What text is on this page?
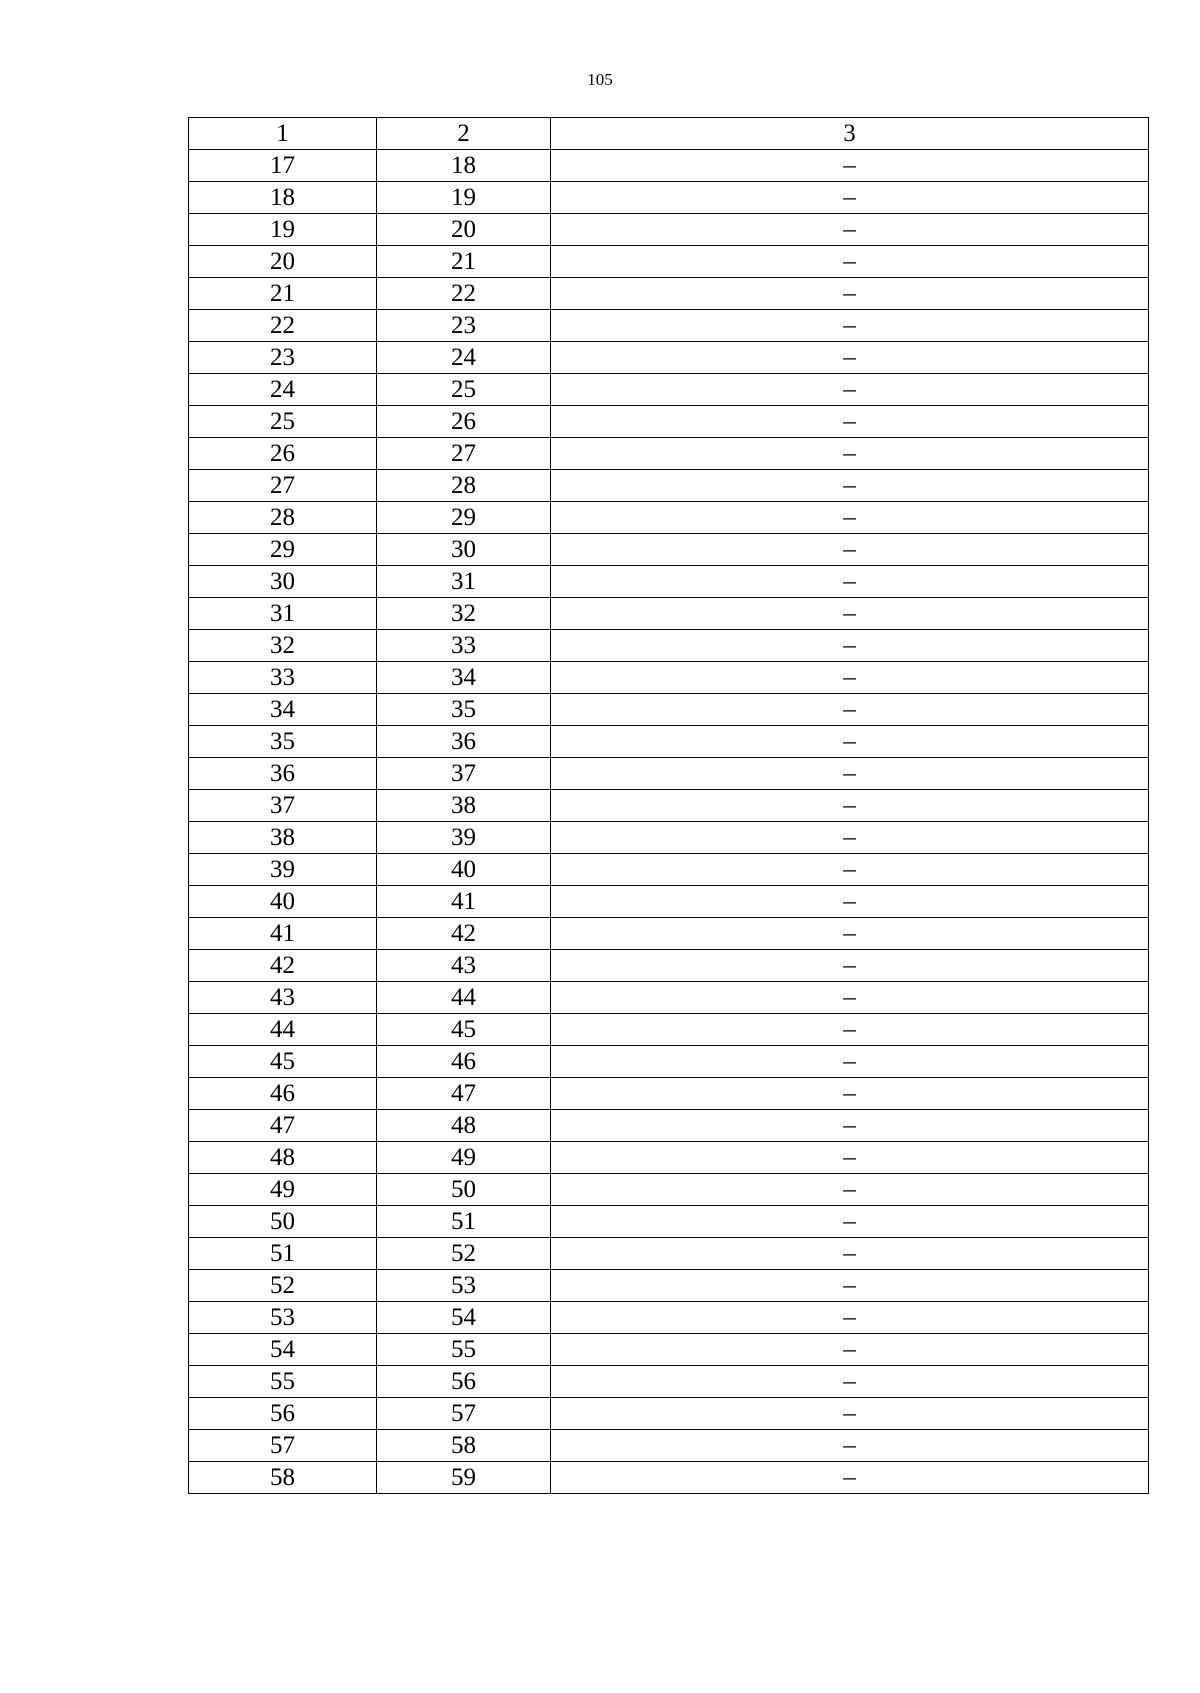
105
1	2	3
17	18	–
18	19	–
19	20	–
20	21	–
21	22	–
22	23	–
23	24	–
24	25	–
25	26	–
26	27	–
27	28	–
28	29	–
29	30	–
30	31	–
31	32	–
32	33	–
33	34	–
34	35	–
35	36	–
36	37	–
37	38	–
38	39	–
39	40	–
40	41	–
41	42	–
42	43	–
43	44	–
44	45	–
45	46	–
46	47	–
47	48	–
48	49	–
49	50	–
50	51	–
51	52	–
52	53	–
53	54	–
54	55	–
55	56	–
56	57	–
57	58	–
58	59	–
